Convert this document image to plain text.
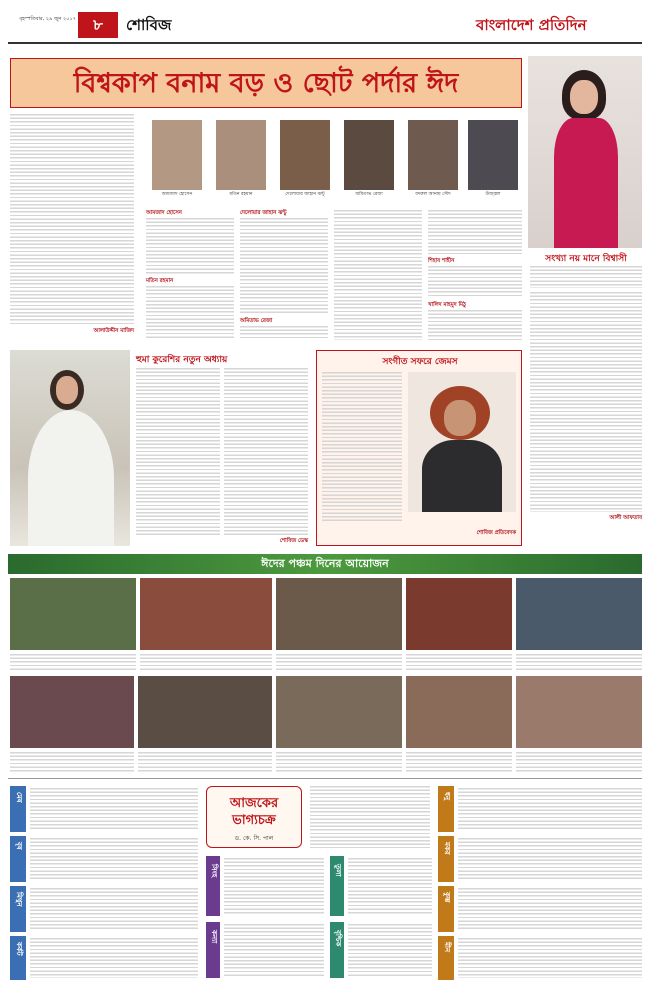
বৃহস্পতিবার, ২৯ জুন ২০১৭	৮	শোবিজ	বাংলাদেশ প্রতিদিন
বিশ্বকাপ বনাম বড় ও ছোট পর্দার ঈদ
আলাউদ্দীন মাজিদ
আমজাদ হোসেন	মতিন রহমান	দেলোয়ার জাহান ঝন্টু	অমিতাভ রেজা	বদরুল আনাম সৌদ	উজ্জ্বল
আমজাদ হোসেন
মতিন রহমান
দেলোয়ার জাহান ঝন্টু
অমিতাভ রেজা
শিহাব শাহীন
খালিদ মাহমুদ মিঠু
সংখ্যা নয় মানে বিশ্বাসী
আলী আফতাব
হুমা কুরেশির নতুন অধ্যায়
শোবিজ ডেস্ক
সংগীত সফরে জেমস
শোবিজ প্রতিবেদক
ঈদের পঞ্চম দিনের আয়োজন
মেষ
বৃষ
মিথুন
কর্কট
আজকের ভাগ্যচক্র
ড. কে. সি. পাল
সিংহ
কন্যা
তুলা
বৃশ্চিক
ধনু
মকর
কুম্ভ
মীন
